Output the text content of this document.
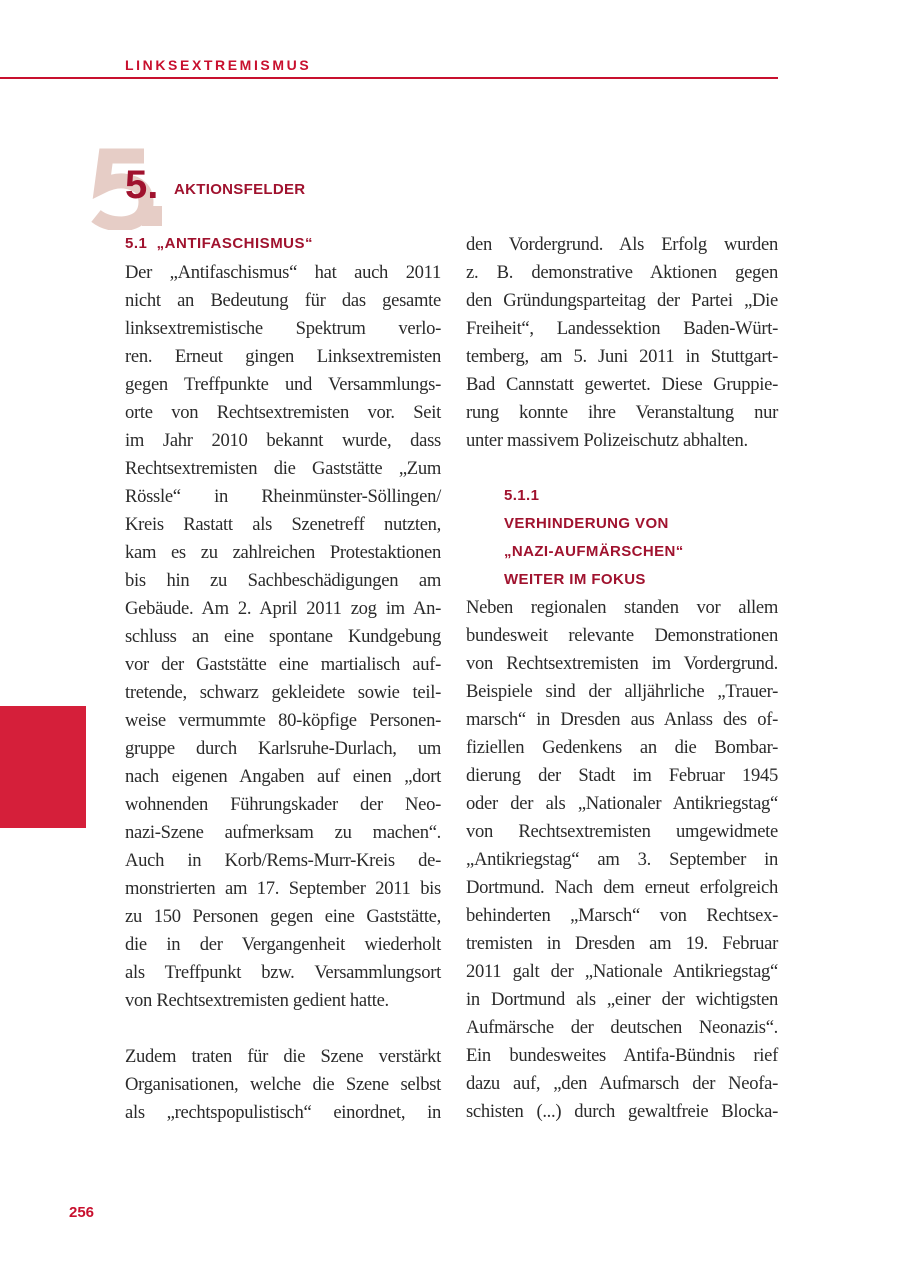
LINKSEXTREMISMUS
5. AKTIONSFELDER
5.1  „ANTIFASCHISMUS“
Der „Antifaschismus“ hat auch 2011
nicht an Bedeutung für das gesamte
linksextremistische Spektrum verlo-
ren. Erneut gingen Linksextremisten
gegen Treffpunkte und Versammlungs-
orte von Rechtsextremisten vor. Seit
im Jahr 2010 bekannt wurde, dass
Rechtsextremisten die Gaststätte „Zum
Rössle“ in Rheinmünster-Söllingen/
Kreis Rastatt als Szenetreff nutzten,
kam es zu zahlreichen Protestaktionen
bis hin zu Sachbeschädigungen am
Gebäude. Am 2. April 2011 zog im An-
schluss an eine spontane Kundgebung
vor der Gaststätte eine martialisch auf-
tretende, schwarz gekleidete sowie teil-
weise vermummte 80-köpfige Personen-
gruppe durch Karlsruhe-Durlach, um
nach eigenen Angaben auf einen „dort
wohnenden Führungskader der Neo-
nazi-Szene aufmerksam zu machen“.
Auch in Korb/Rems-Murr-Kreis de-
monstrierten am 17. September 2011 bis
zu 150 Personen gegen eine Gaststätte,
die in der Vergangenheit wiederholt
als Treffpunkt bzw. Versammlungsort
von Rechtsextremisten gedient hatte.
Zudem traten für die Szene verstärkt
Organisationen, welche die Szene selbst
als „rechtspopulistisch“ einordnet, in
den Vordergrund. Als Erfolg wurden
z. B. demonstrative Aktionen gegen
den Gründungsparteitag der Partei „Die
Freiheit“, Landessektion Baden-Würt-
temberg, am 5. Juni 2011 in Stuttgart-
Bad Cannstatt gewertet. Diese Gruppie-
rung konnte ihre Veranstaltung nur
unter massivem Polizeischutz abhalten.
5.1.1
VERHINDERUNG VON
„NAZI-AUFMÄRSCHEN“
WEITER IM FOKUS
Neben regionalen standen vor allem
bundesweit relevante Demonstrationen
von Rechtsextremisten im Vordergrund.
Beispiele sind der alljährliche „Trauer-
marsch“ in Dresden aus Anlass des of-
fiziellen Gedenkens an die Bombar-
dierung der Stadt im Februar 1945
oder der als „Nationaler Antikriegstag“
von Rechtsextremisten umgewidmete
„Antikriegstag“ am 3. September in
Dortmund. Nach dem erneut erfolgreich
behinderten „Marsch“ von Rechtsex-
tremisten in Dresden am 19. Februar
2011 galt der „Nationale Antikriegstag“
in Dortmund als „einer der wichtigsten
Aufmärsche der deutschen Neonazis“.
Ein bundesweites Antifa-Bündnis rief
dazu auf, „den Aufmarsch der Neofa-
schisten (...) durch gewaltfreie Blocka-
256
